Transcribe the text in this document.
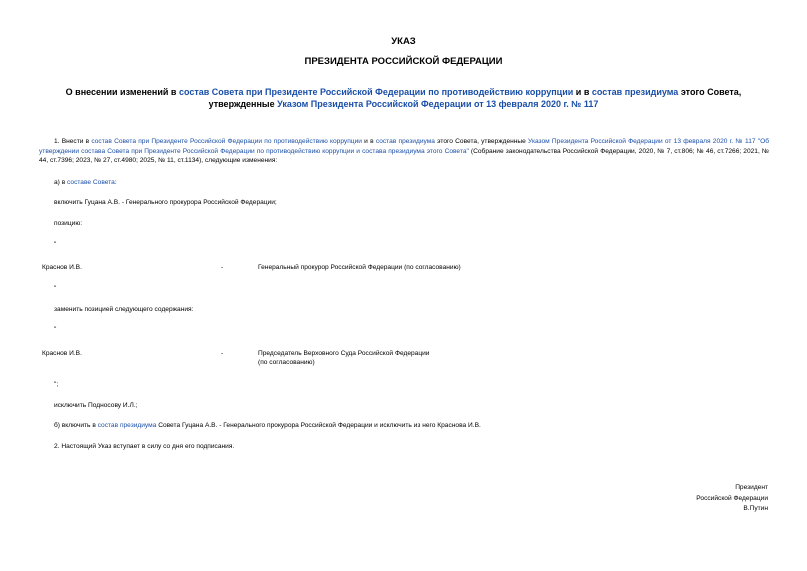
УКАЗ
ПРЕЗИДЕНТА РОССИЙСКОЙ ФЕДЕРАЦИИ
О внесении изменений в состав Совета при Президенте Российской Федерации по противодействию коррупции и в состав президиума этого Совета,
утвержденные Указом Президента Российской Федерации от 13 февраля 2020 г. № 117
1. Внести в состав Совета при Президенте Российской Федерации по противодействию коррупции и в состав президиума этого Совета, утвержденные Указом Президента Российской Федерации от 13 февраля 2020 г. № 117 "Об утверждении состава Совета при Президенте Российской Федерации по противодействию коррупции и состава президиума этого Совета" (Собрание законодательства Российской Федерации, 2020, № 7, ст.806; № 46, ст.7266; 2021, № 44, ст.7396; 2023, № 27, ст.4980; 2025, № 11, ст.1134), следующие изменения:
а) в составе Совета:
включить Гуцана А.В. - Генерального прокурора Российской Федерации;
позицию:
"
Краснов И.В.	-	Генеральный прокурор Российской Федерации (по согласованию)
"
заменить позицией следующего содержания:
"
Краснов И.В.	-	Председатель Верховного Суда Российской Федерации
(по согласованию)
";
исключить Подносову И.Л.;
б) включить в состав президиума Совета Гуцана А.В. - Генерального прокурора Российской Федерации и исключить из него Краснова И.В.
2. Настоящий Указ вступает в силу со дня его подписания.
Президент
Российской Федерации
В.Путин
